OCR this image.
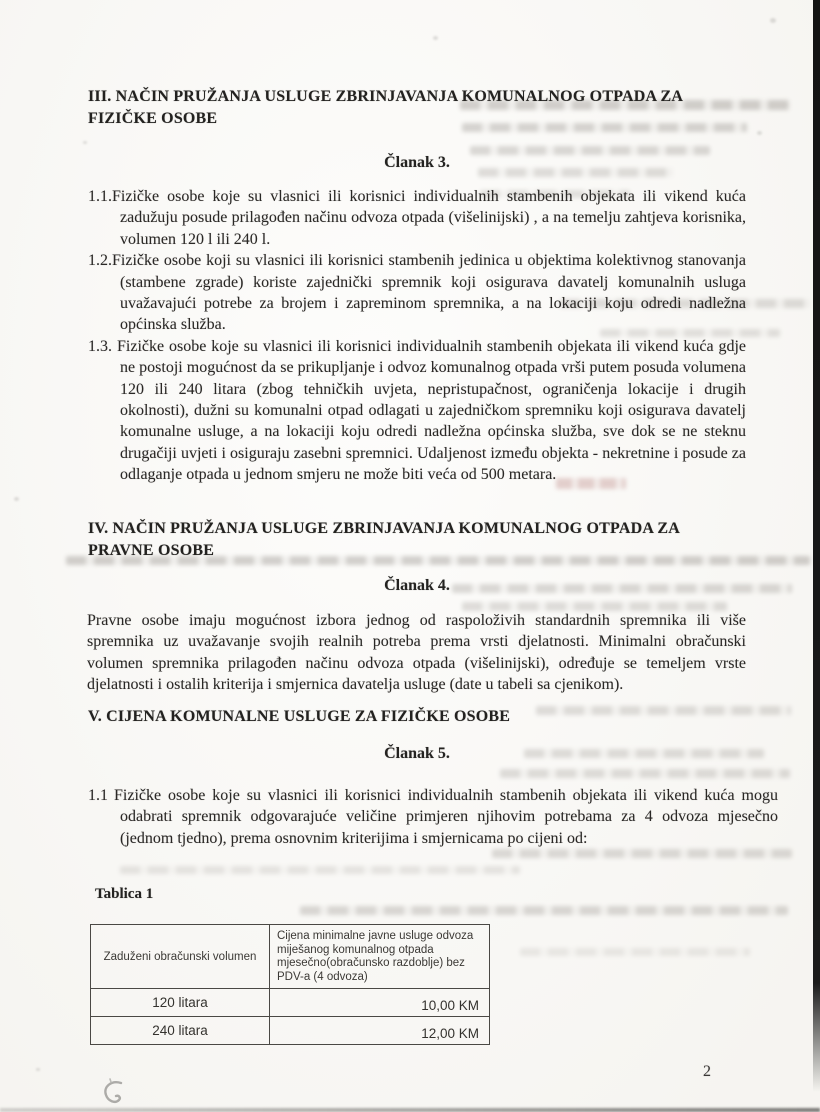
III. NAČIN PRUŽANJA USLUGE ZBRINJAVANJA KOMUNALNOG OTPADA ZA FIZIČKE OSOBE
Članak 3.
1.1.Fizičke osobe koje su vlasnici ili korisnici individualnih stambenih objekata ili vikend kuća zadužuju posude prilagođen načinu odvoza otpada (višelinijski) , a na temelju zahtjeva korisnika, volumen 120 l ili 240 l.
1.2.Fizičke osobe koji su vlasnici ili korisnici stambenih jedinica u objektima kolektivnog stanovanja (stambene zgrade) koriste zajednički spremnik koji osigurava davatelj komunalnih usluga uvažavajući potrebe za brojem i zapreminom spremnika, a na lokaciji koju odredi nadležna općinska služba.
1.3. Fizičke osobe koje su vlasnici ili korisnici individualnih stambenih objekata ili vikend kuća gdje ne postoji mogućnost da se prikupljanje i odvoz komunalnog otpada vrši putem posuda volumena 120 ili 240 litara (zbog tehničkih uvjeta, nepristupačnost, ograničenja lokacije i drugih okolnosti), dužni su komunalni otpad odlagati u zajedničkom spremniku koji osigurava davatelj komunalne usluge, a na lokaciji koju odredi nadležna općinska služba, sve dok se ne steknu drugačiji uvjeti i osiguraju zasebni spremnici. Udaljenost između objekta - nekretnine i posude za odlaganje otpada u jednom smjeru ne može biti veća od 500 metara.
IV. NAČIN PRUŽANJA USLUGE ZBRINJAVANJA KOMUNALNOG OTPADA ZA PRAVNE OSOBE
Članak 4.
Pravne osobe imaju mogućnost izbora jednog od raspoloživih standardnih spremnika ili više spremnika uz uvažavanje svojih realnih potreba prema vrsti djelatnosti. Minimalni obračunski volumen spremnika prilagođen načinu odvoza otpada (višelinijski), određuje se temeljem vrste djelatnosti i ostalih kriterija i smjernica davatelja usluge (date u tabeli sa cjenikom).
V. CIJENA KOMUNALNE USLUGE ZA FIZIČKE OSOBE
Članak 5.
1.1 Fizičke osobe koje su vlasnici ili korisnici individualnih stambenih objekata ili vikend kuća mogu odabrati spremnik odgovarajuće veličine primjeren njihovim potrebama za 4 odvoza mjesečno (jednom tjedno), prema osnovnim kriterijima i smjernicama po cijeni od:
Tablica 1
Zaduženi obračunski volumen	Cijena minimalne javne usluge odvoza miješanog komunalnog otpada mjesečno(obračunsko razdoblje) bez PDV-a (4 odvoza)
120 litara	10,00 KM
240 litara	12,00 KM
2
